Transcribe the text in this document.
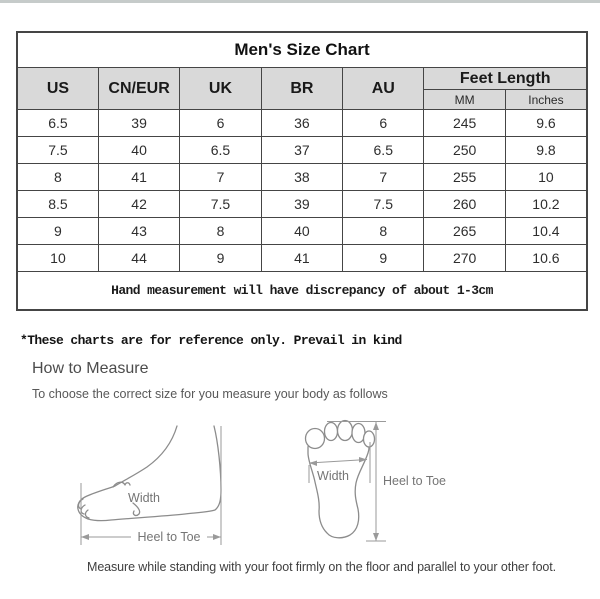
Men's Size Chart						
US	CN/EUR	UK	BR	AU	Feet Length	
					MM	Inches
6.5	39	6	36	6	245	9.6
7.5	40	6.5	37	6.5	250	9.8
8	41	7	38	7	255	10
8.5	42	7.5	39	7.5	260	10.2
9	43	8	40	8	265	10.4
10	44	9	41	9	270	10.6
Hand measurement will have discrepancy of about 1-3cm						
*These charts are for reference only. Prevail in kind
How to Measure
To choose the correct size for you measure your body as follows
Width
Heel to Toe
Width	Heel to Toe
Measure while standing with your foot firmly on the floor and parallel to your other foot.
